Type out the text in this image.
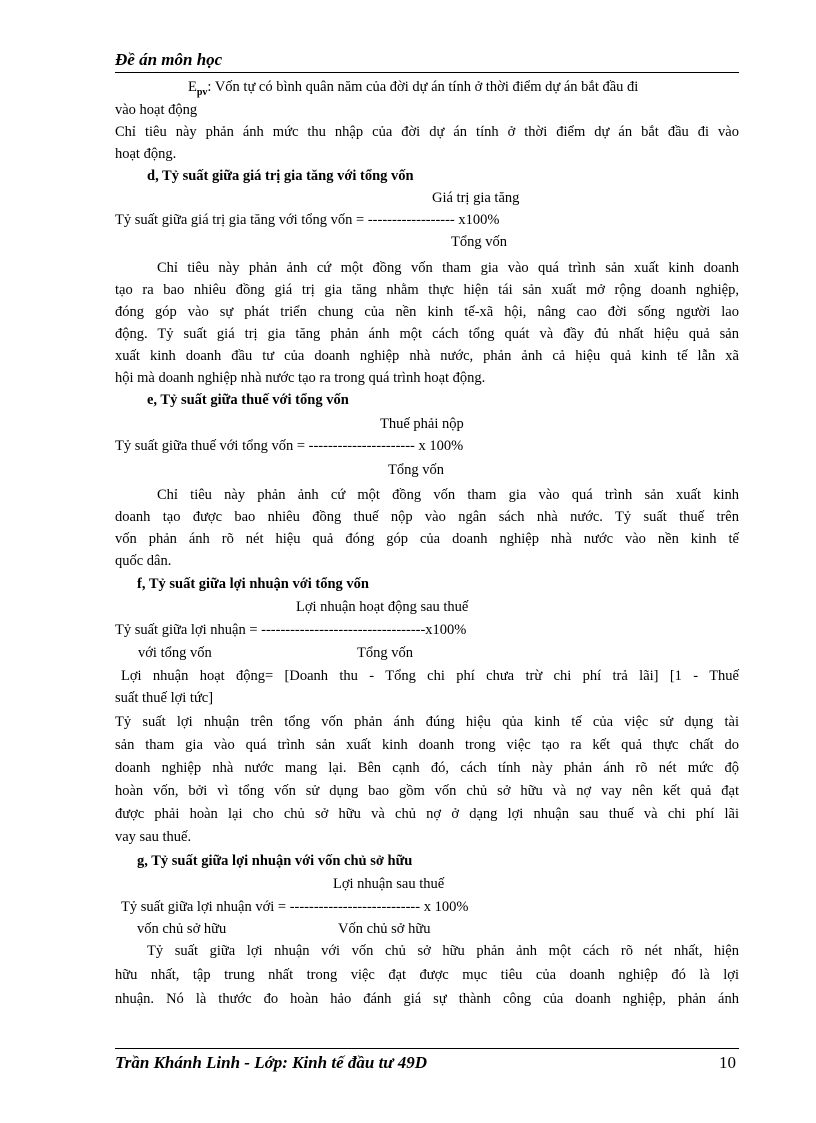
Đề án môn học
$E_{pv}$: Vốn tự có bình quân năm của đời dự án tính ở thời điểm dự án bắt đầu đi
vào hoạt động
Chỉ tiêu này phản ánh mức thu nhập của đời dự án tính ở thời điểm dự án bắt đầu đi vào
hoạt động.
d, Tỷ suất giữa giá trị gia tăng với tổng vốn
Giá trị gia tăng
Tỷ suất giữa giá trị gia tăng với tổng vốn = ------------------ x100%
Tổng vốn
Chỉ tiêu này phản ảnh cứ một đồng vốn tham gia vào quá trình sản xuất kinh doanh
tạo ra bao nhiêu đồng giá trị gia tăng nhằm thực hiện tái sản xuất mở rộng doanh nghiệp,
đóng góp vào sự phát triển chung của nền kinh tế-xã hội, nâng cao đời sống người lao
động. Tỷ suất giá trị gia tăng phản ánh một cách tổng quát và đầy đủ nhất hiệu quả sản
xuất kinh doanh đầu tư của doanh nghiệp nhà nước, phản ảnh cả hiệu quả kinh tế lẫn xã
hội mà doanh nghiệp nhà nước tạo ra trong quá trình hoạt động.
e, Tỷ suất giữa thuế với tổng vốn
Thuế phải nộp
Tỷ suất giữa thuế với tổng vốn = ---------------------- x 100%
Tổng vốn
Chỉ tiêu này phản ảnh cứ một đồng vốn tham gia vào quá trình sản xuất kinh
doanh tạo được bao nhiêu đồng thuế nộp vào ngân sách nhà nước. Tỷ suất thuế trên
vốn phản ánh rõ nét hiệu quả đóng góp của doanh nghiệp nhà nước vào nền kinh tế
quốc dân.
f, Tỷ suất giữa lợi nhuận với tổng vốn
Lợi nhuận hoạt động sau thuế
Tỷ suất giữa lợi nhuận = ----------------------------------x100%
với tổng vốn	Tổng vốn
Lợi nhuận hoạt động= [Doanh thu - Tổng chi phí chưa trừ chi phí trả lãi] [1 - Thuế
suất thuế lợi tức]
Tỷ suất lợi nhuận trên tổng vốn phản ánh đúng hiệu qủa kinh tế của việc sử dụng tài
sản tham gia vào quá trình sản xuất kinh doanh trong việc tạo ra kết quả thực chất do
doanh nghiệp nhà nước mang lại. Bên cạnh đó, cách tính này phản ánh rõ nét mức độ
hoàn vốn, bởi vì tổng vốn sử dụng bao gồm vốn chủ sở hữu và nợ vay nên kết quả đạt
được phải hoàn lại cho chủ sở hữu và chủ nợ ở dạng lợi nhuận sau thuế và chi phí lãi
vay sau thuế.
g, Tỷ suất giữa lợi nhuận với vốn chủ sở hữu
Lợi nhuận sau thuế
Tỷ suất giữa lợi nhuận với = --------------------------- x 100%
vốn chủ sở hữu	Vốn chủ sở hữu
Tỷ suất giữa lợi nhuận với vốn chủ sở hữu phản ảnh một cách rõ nét nhất, hiện
hữu nhất, tập trung nhất trong việc đạt được mục tiêu của doanh nghiệp đó là lợi
nhuận. Nó là thước đo hoàn hảo đánh giá sự thành công của doanh nghiệp, phản ánh
Trần Khánh Linh - Lớp: Kinh tế đầu tư 49D	10
